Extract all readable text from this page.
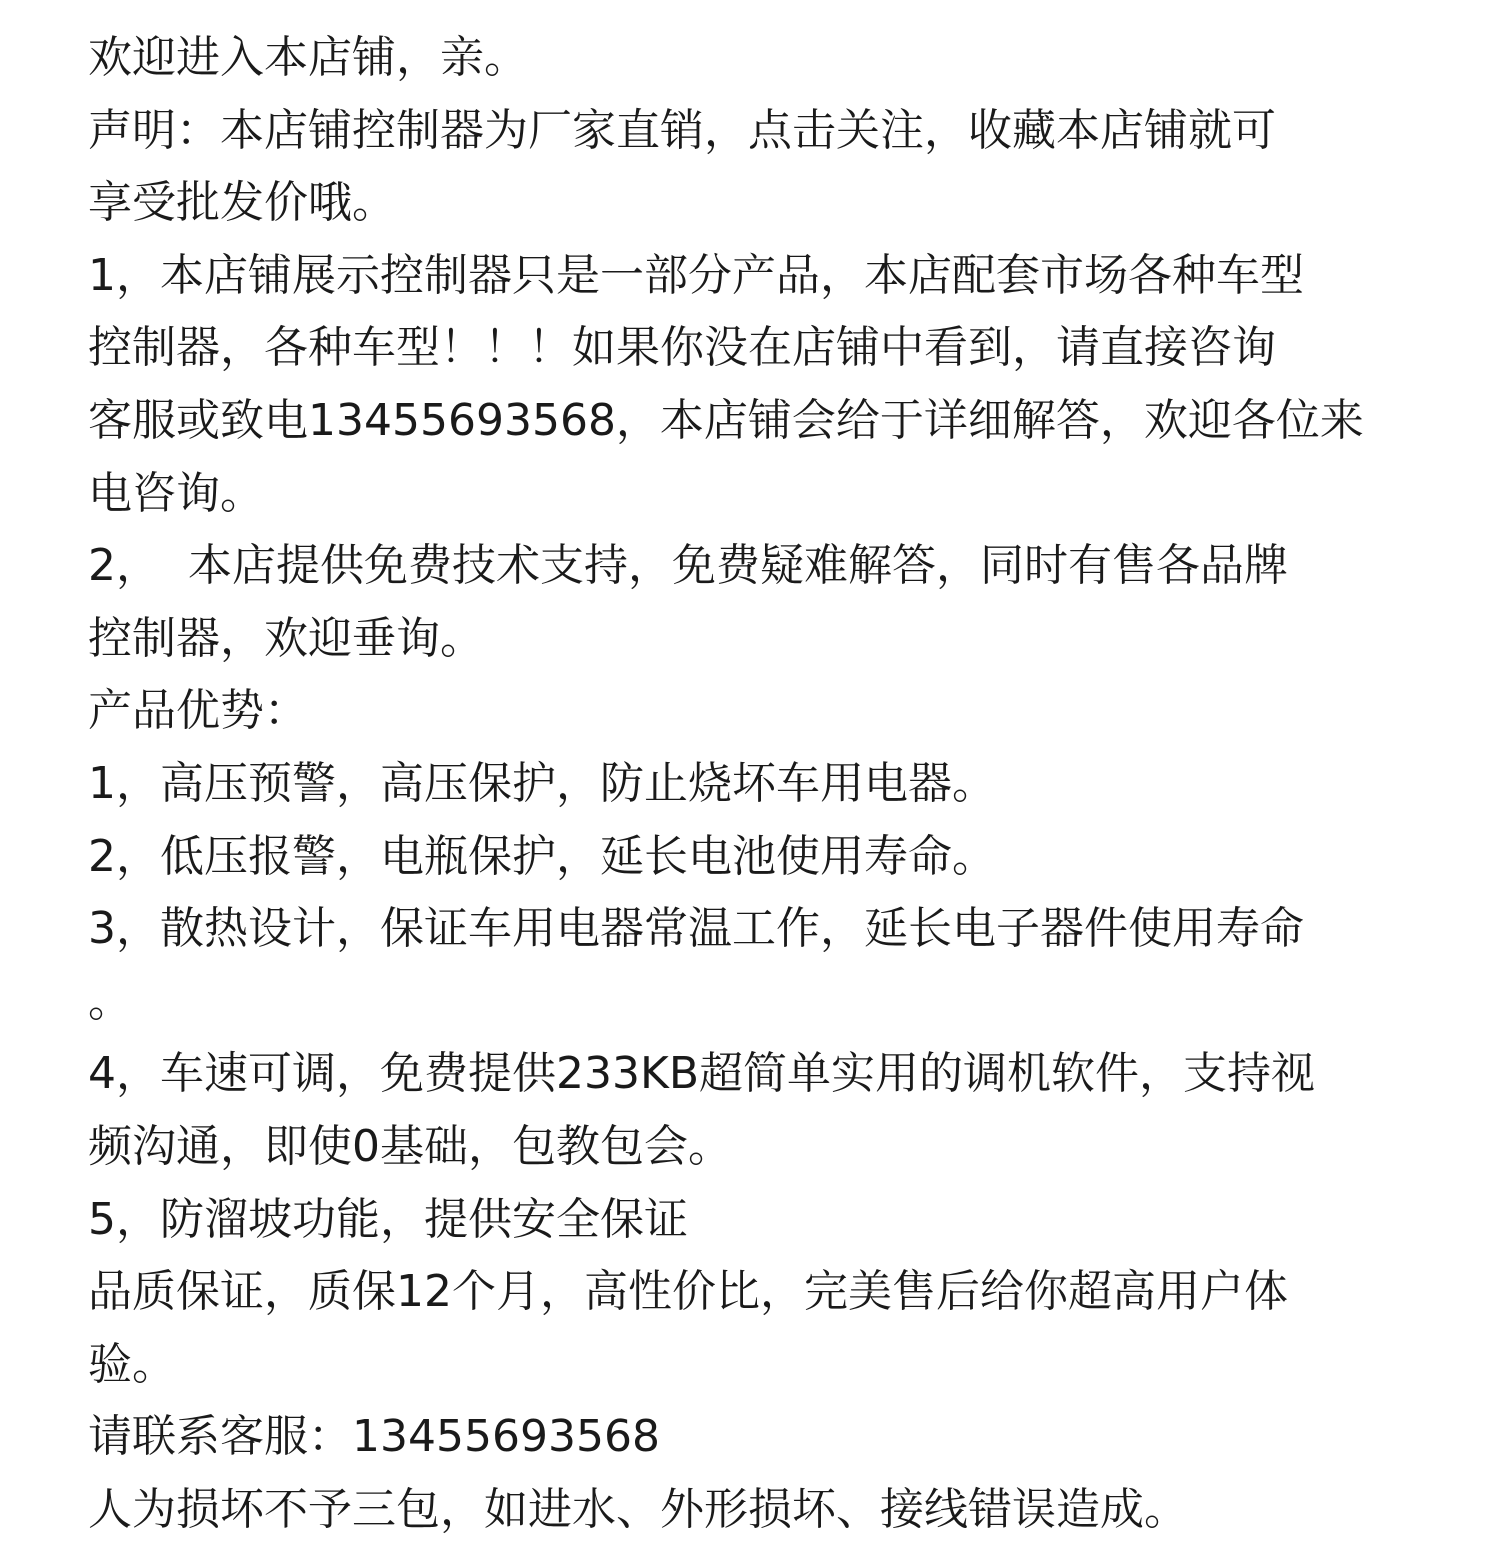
欢迎进入本店铺，亲。
声明：本店铺控制器为厂家直销，点击关注，收藏本店铺就可
享受批发价哦。
1，本店铺展示控制器只是一部分产品，本店配套市场各种车型
控制器，各种车型！！！如果你没在店铺中看到，请直接咨询
客服或致电13455693568，本店铺会给于详细解答，欢迎各位来
电咨询。
2，  本店提供免费技术支持，免费疑难解答，同时有售各品牌
控制器，欢迎垂询。
产品优势：
1，高压预警，高压保护，防止烧坏车用电器。
2，低压报警，电瓶保护，延长电池使用寿命。
3，散热设计，保证车用电器常温工作，延长电子器件使用寿命
。
4，车速可调，免费提供233KB超简单实用的调机软件，支持视
频沟通，即使0基础，包教包会。
5，防溜坡功能，提供安全保证
品质保证，质保12个月，高性价比，完美售后给你超高用户体
验。
请联系客服：13455693568
人为损坏不予三包，如进水、外形损坏、接线错误造成。
